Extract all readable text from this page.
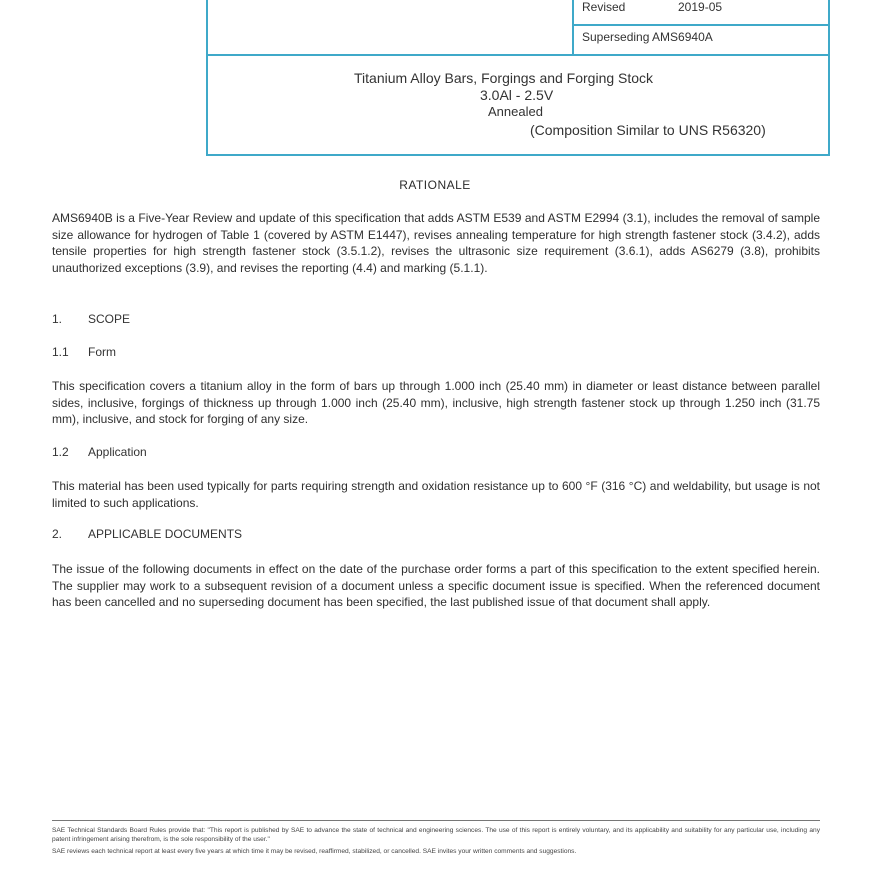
Revised	2019-05
Superseding AMS6940A
Titanium Alloy Bars, Forgings and Forging Stock
3.0Al - 2.5V
Annealed
(Composition Similar to UNS R56320)
RATIONALE

AMS6940B is a Five-Year Review and update of this specification that adds ASTM E539 and ASTM E2994 (3.1), includes the removal of sample size allowance for hydrogen of Table 1 (covered by ASTM E1447), revises annealing temperature for high strength fastener stock (3.4.2), adds tensile properties for high strength fastener stock (3.5.1.2), revises the ultrasonic size requirement (3.6.1), adds AS6279 (3.8), prohibits unauthorized exceptions (3.9), and revises the reporting (4.4) and marking (5.1.1).

1. SCOPE
1.1 Form

This specification covers a titanium alloy in the form of bars up through 1.000 inch (25.40 mm) in diameter or least distance between parallel sides, inclusive, forgings of thickness up through 1.000 inch (25.40 mm), inclusive, high strength fastener stock up through 1.250 inch (31.75 mm), inclusive, and stock for forging of any size.

1.2 Application

This material has been used typically for parts requiring strength and oxidation resistance up to 600 °F (316 °C) and weldability, but usage is not limited to such applications.

2. APPLICABLE DOCUMENTS

The issue of the following documents in effect on the date of the purchase order forms a part of this specification to the extent specified herein. The supplier may work to a subsequent revision of a document unless a specific document issue is specified. When the referenced document has been cancelled and no superseding document has been specified, the last published issue of that document shall apply.

SAE Technical Standards Board Rules provide that: "This report is published by SAE to advance the state of technical and engineering sciences. The use of this report is entirely voluntary, and its applicability and suitability for any particular use, including any patent infringement arising therefrom, is the sole responsibility of the user."

SAE reviews each technical report at least every five years at which time it may be revised, reaffirmed, stabilized, or cancelled. SAE invites your written comments and suggestions.
